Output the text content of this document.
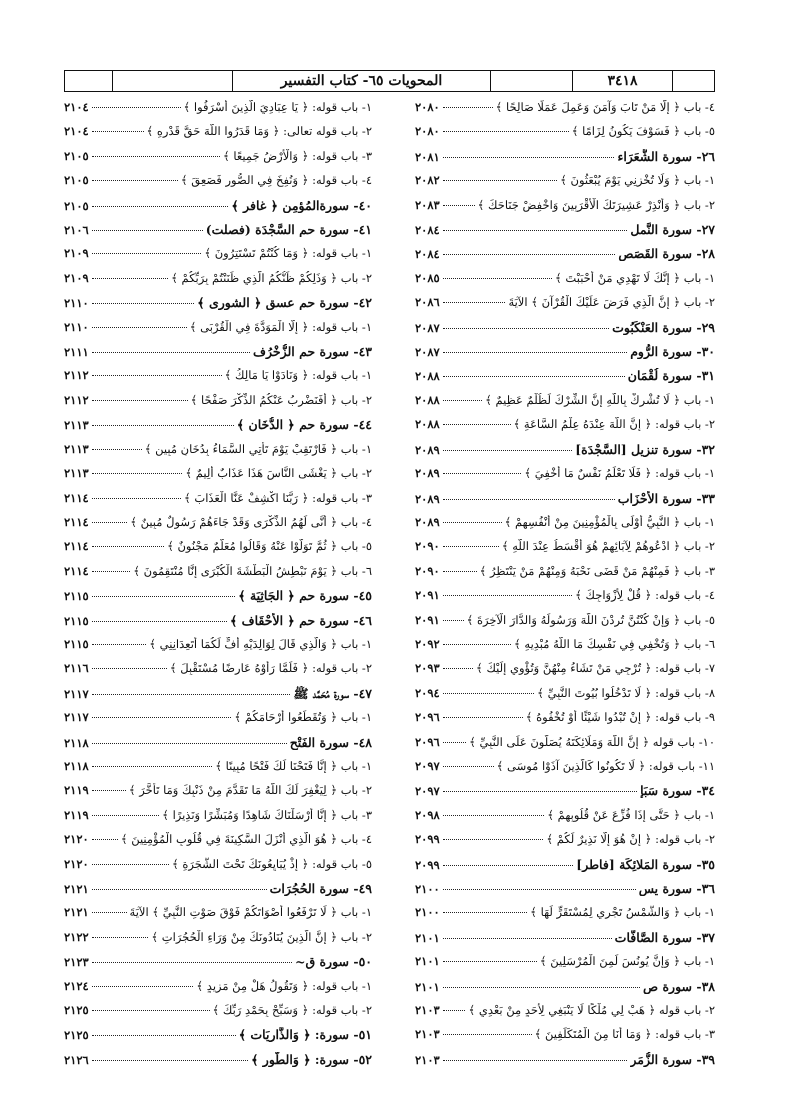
المحويات ٦٥- كتاب التفسير	٣٤١٨
٤- باب ﴿ إِلَّا مَنْ تَابَ وَآمَنَ وَعَمِلَ عَمَلًا صَالِحًا ﴾
٢٠٨٠
٥- باب ﴿ فَسَوْفَ يَكُونُ لِزَامًا ﴾
٢٠٨٠
٢٦- سورة الشُّعَرَاء
٢٠٨١
١- باب ﴿ وَلَا تُخْزِنِي يَوْمَ يُبْعَثُونَ ﴾
٢٠٨٢
٢- باب ﴿ وَأَنْذِرْ عَشِيرَتَكَ الْأَقْرَبِينَ وَاخْفِضْ جَنَاحَكَ ﴾
٢٠٨٣
٢٧- سورة النَّمل
٢٠٨٤
٢٨- سورة القَصَص
٢٠٨٤
١- باب ﴿ إِنَّكَ لَا تَهْدِي مَنْ أَحْبَبْتَ ﴾
٢٠٨٥
٢- باب ﴿ إِنَّ الَّذِي فَرَضَ عَلَيْكَ الْقُرْآنَ ﴾ الآيَةَ
٢٠٨٦
٢٩- سورة العَنْكَبُوت
٢٠٨٧
٣٠- سورة الرُّوم
٢٠٨٧
٣١- سورة لُقْمَان
٢٠٨٨
١- باب ﴿ لَا تُشْرِكْ بِاللَّهِ إِنَّ الشِّرْكَ لَظُلْمٌ عَظِيمٌ ﴾
٢٠٨٨
٢- باب قوله: ﴿ إِنَّ اللَّهَ عِنْدَهُ عِلْمُ السَّاعَةِ ﴾
٢٠٨٨
٣٢- سورة تنزيل [السَّجْدَة]
٢٠٨٩
١- باب قوله: ﴿ فَلَا تَعْلَمُ نَفْسٌ مَا أُخْفِيَ ﴾
٢٠٨٩
٣٣- سورة الأَحْزَاب
٢٠٨٩
١- باب ﴿ النَّبِيُّ أَوْلَى بِالْمُؤْمِنِينَ مِنْ أَنْفُسِهِمْ ﴾
٢٠٨٩
٢- باب ﴿ ادْعُوهُمْ لِآبَائِهِمْ هُوَ أَقْسَطُ عِنْدَ اللَّهِ ﴾
٢٠٩٠
٣- باب ﴿ فَمِنْهُمْ مَنْ قَضَى نَحْبَهُ وَمِنْهُمْ مَنْ يَنْتَظِرُ ﴾
٢٠٩٠
٤- باب قوله: ﴿ قُلْ لِأَزْوَاجِكَ ﴾
٢٠٩١
٥- باب ﴿ وَإِنْ كُنْتُنَّ تُرِدْنَ اللَّهَ وَرَسُولَهُ وَالدَّارَ الْآخِرَةَ ﴾
٢٠٩١
٦- باب ﴿ وَتُخْفِي فِي نَفْسِكَ مَا اللَّهُ مُبْدِيهِ ﴾
٢٠٩٢
٧- باب قوله: ﴿ تُرْجِي مَنْ تَشَاءُ مِنْهُنَّ وَتُؤْوِي إِلَيْكَ ﴾
٢٠٩٣
٨- باب قوله: ﴿ لَا تَدْخُلُوا بُيُوتَ النَّبِيِّ ﴾
٢٠٩٤
٩- باب قوله: ﴿ إِنْ تُبْدُوا شَيْئًا أَوْ تُخْفُوهُ ﴾
٢٠٩٦
١٠- باب قوله ﴿ إِنَّ اللَّهَ وَمَلَائِكَتَهُ يُصَلُّونَ عَلَى النَّبِيِّ ﴾
٢٠٩٦
١١- باب قوله: ﴿ لَا تَكُونُوا كَالَّذِينَ آذَوْا مُوسَى ﴾
٢٠٩٧
٣٤- سورة سَبَإٍ
٢٠٩٧
١- باب ﴿ حَتَّى إِذَا فُزِّعَ عَنْ قُلُوبِهِمْ ﴾
٢٠٩٨
٢- باب قوله: ﴿ إِنْ هُوَ إِلَّا نَذِيرٌ لَكُمْ ﴾
٢٠٩٩
٣٥- سورة المَلائِكَة [فاطر]
٢٠٩٩
٣٦- سورة يس
٢١٠٠
١- باب ﴿ وَالشَّمْسُ تَجْرِي لِمُسْتَقَرٍّ لَهَا ﴾
٢١٠٠
٣٧- سورة الصَّافَّات
٢١٠١
١- باب ﴿ وَإِنَّ يُونُسَ لَمِنَ الْمُرْسَلِينَ ﴾
٢١٠١
٣٨- سورة ص
٢١٠١
٢- باب قوله ﴿ هَبْ لِي مُلْكًا لَا يَنْبَغِي لِأَحَدٍ مِنْ بَعْدِي ﴾
٢١٠٣
٣- باب قوله: ﴿ وَمَا أَنَا مِنَ الْمُتَكَلِّفِينَ ﴾
٢١٠٣
٣٩- سورة الزُّمَر
٢١٠٣
١- باب قوله: ﴿ يَا عِبَادِيَ الَّذِينَ أَسْرَفُوا ﴾
٢١٠٤
٢- باب قوله تعالى: ﴿ وَمَا قَدَرُوا اللَّهَ حَقَّ قَدْرِهِ ﴾
٢١٠٤
٣- باب قوله: ﴿ وَالْأَرْضُ جَمِيعًا ﴾
٢١٠٥
٤- باب قوله: ﴿ وَنُفِخَ فِي الصُّورِ فَصَعِقَ ﴾
٢١٠٥
٤٠- سورةالمُؤمِن ﴿ غافر ﴾
٢١٠٥
٤١- سورة حم السَّجْدَة (فصلت)
٢١٠٦
١- باب قوله: ﴿ وَمَا كُنْتُمْ تَسْتَتِرُونَ ﴾
٢١٠٩
٢- باب ﴿ وَذَلِكُمْ ظَنُّكُمُ الَّذِي ظَنَنْتُمْ بِرَبِّكُمْ ﴾
٢١٠٩
٤٢- سورة حم عسق ﴿ الشورى ﴾
٢١١٠
١- باب قوله: ﴿ إِلَّا الْمَوَدَّةَ فِي الْقُرْبَى ﴾
٢١١٠
٤٣- سورة حم الزُّخْرُف
٢١١١
١- باب قوله: ﴿ وَنَادَوْا يَا مَالِكُ ﴾
٢١١٢
٢- باب ﴿ أَفَنَضْرِبُ عَنْكُمُ الذِّكْرَ صَفْحًا ﴾
٢١١٢
٤٤- سورة حم ﴿ الدُّخَان ﴾
٢١١٣
١- باب ﴿ فَارْتَقِبْ يَوْمَ تَأْتِي السَّمَاءُ بِدُخَانٍ مُبِينٍ ﴾
٢١١٣
٢- باب ﴿ يَغْشَى النَّاسَ هَذَا عَذَابٌ أَلِيمٌ ﴾
٢١١٣
٣- باب قوله: ﴿ رَبَّنَا اكْشِفْ عَنَّا الْعَذَابَ ﴾
٢١١٤
٤- باب ﴿ أَنَّى لَهُمُ الذِّكْرَى وَقَدْ جَاءَهُمْ رَسُولٌ مُبِينٌ ﴾
٢١١٤
٥- باب ﴿ ثُمَّ تَوَلَّوْا عَنْهُ وَقَالُوا مُعَلَّمٌ مَجْنُونٌ ﴾
٢١١٤
٦- باب ﴿ يَوْمَ نَبْطِشُ الْبَطْشَةَ الْكُبْرَى إِنَّا مُنْتَقِمُونَ ﴾
٢١١٤
٤٥- سورة حم ﴿ الجَاثِيَة ﴾
٢١١٥
٤٦- سورة حم ﴿ الأَحْقَاف ﴾
٢١١٥
١- باب ﴿ وَالَّذِي قَالَ لِوَالِدَيْهِ أُفٍّ لَكُمَا أَتَعِدَانِنِي ﴾
٢١١٥
٢- باب قوله: ﴿ فَلَمَّا رَأَوْهُ عَارِضًا مُسْتَقْبِلَ ﴾
٢١١٦
٤٧- سورة مُحَمَّد ﷺ
٢١١٧
١- باب ﴿ وَتُقَطِّعُوا أَرْحَامَكُمْ ﴾
٢١١٧
٤٨- سورة الفَتْح
٢١١٨
١- باب ﴿ إِنَّا فَتَحْنَا لَكَ فَتْحًا مُبِينًا ﴾
٢١١٨
٢- باب ﴿ لِيَغْفِرَ لَكَ اللَّهُ مَا تَقَدَّمَ مِنْ ذَنْبِكَ وَمَا تَأَخَّرَ ﴾
٢١١٩
٣- باب ﴿ إِنَّا أَرْسَلْنَاكَ شَاهِدًا وَمُبَشِّرًا وَنَذِيرًا ﴾
٢١١٩
٤- باب ﴿ هُوَ الَّذِي أَنْزَلَ السَّكِينَةَ فِي قُلُوبِ الْمُؤْمِنِينَ ﴾
٢١٢٠
٥- باب قوله: ﴿ إِذْ يُبَايِعُونَكَ تَحْتَ الشَّجَرَةِ ﴾
٢١٢٠
٤٩- سورة الحُجُرَات
٢١٢١
١- باب ﴿ لَا تَرْفَعُوا أَصْوَاتَكُمْ فَوْقَ صَوْتِ النَّبِيِّ ﴾ الآيَةَ
٢١٢١
٢- باب ﴿ إِنَّ الَّذِينَ يُنَادُونَكَ مِنْ وَرَاءِ الْحُجُرَاتِ ﴾
٢١٢٢
٥٠- سورة ق~
٢١٢٣
١- باب قوله: ﴿ وَتَقُولُ هَلْ مِنْ مَزِيدٍ ﴾
٢١٢٤
٢- باب قوله: ﴿ وَسَبِّحْ بِحَمْدِ رَبِّكَ ﴾
٢١٢٥
٥١- سورة: ﴿ وَالذَّارِيَات ﴾
٢١٢٥
٥٢- سورة: ﴿ وَالطُّور ﴾
٢١٢٦
